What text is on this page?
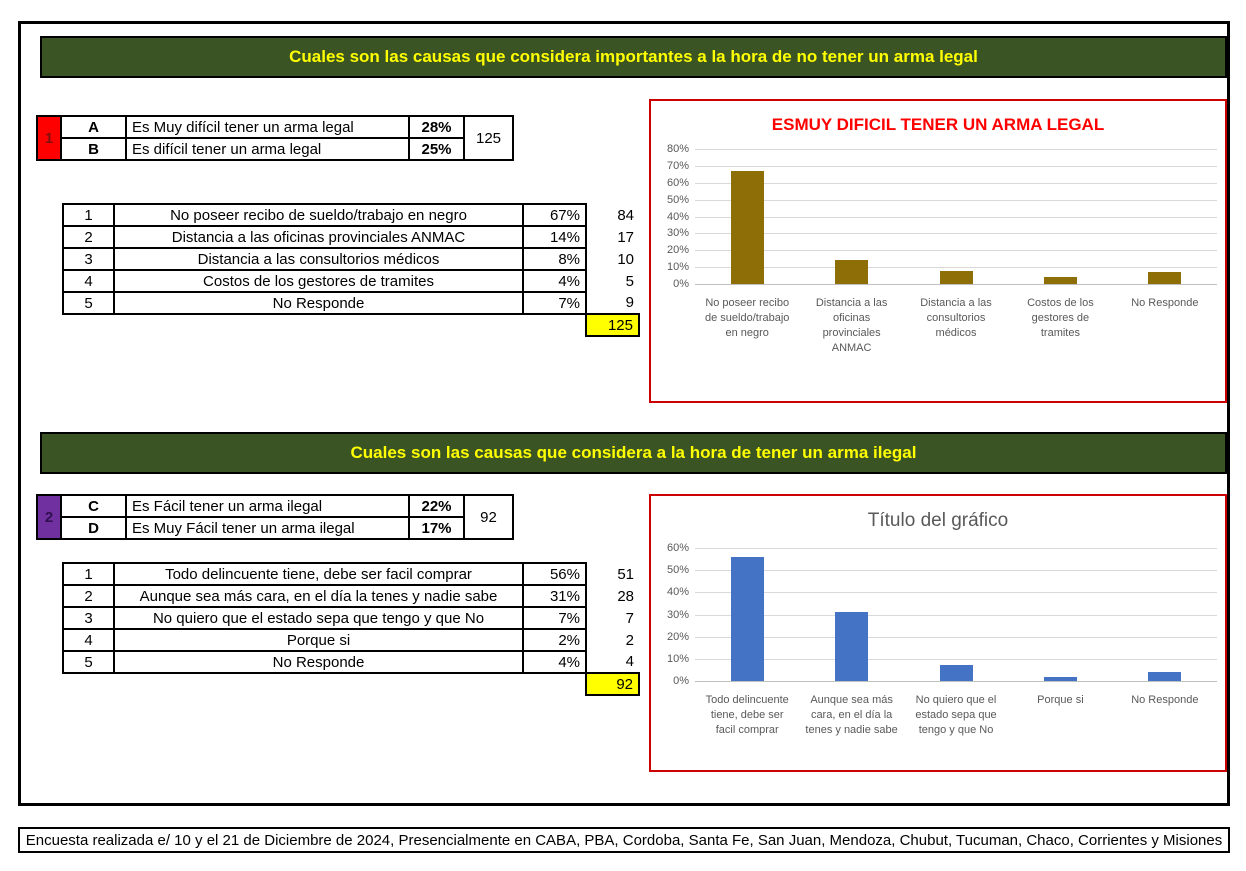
Cuales son las causas que considera importantes a la hora de no tener un arma legal
1	A	Es Muy difícil tener un arma legal	28%	125
	B	Es difícil tener un arma legal	25%	
1	No poseer recibo de sueldo/trabajo en negro	67%	84
2	Distancia a las oficinas provinciales ANMAC	14%	17
3	Distancia a las consultorios médicos	8%	10
4	Costos de los gestores de tramites	4%	5
5	No Responde	7%	9
			125
ESMUY DIFICIL TENER UN ARMA LEGAL
80%
70%
60%
50%
40%
30%
20%
10%
0%
No poseer recibo de sueldo/trabajo en negro
Distancia a las oficinas provinciales ANMAC
Distancia a las consultorios médicos
Costos de los gestores de tramites
No Responde
Cuales son las causas que considera a la hora de tener un arma ilegal
2	C	Es Fácil tener un arma ilegal	22%	92
	D	Es Muy Fácil tener un arma ilegal	17%	
1	Todo delincuente tiene, debe ser facil comprar	56%	51
2	Aunque sea más cara, en el día la tenes y nadie sabe	31%	28
3	No quiero que el estado sepa que tengo y que No	7%	7
4	Porque si	2%	2
5	No Responde	4%	4
			92
Título del gráfico
60%
50%
40%
30%
20%
10%
0%
Todo delincuente tiene, debe ser facil comprar
Aunque sea más cara, en el día la tenes y nadie sabe
No quiero que el estado sepa que tengo y que No
Porque si	No Responde
Encuesta realizada e/ 10 y el 21 de Diciembre de 2024, Presencialmente en CABA, PBA, Cordoba, Santa Fe, San Juan, Mendoza, Chubut, Tucuman, Chaco, Corrientes y Misiones
